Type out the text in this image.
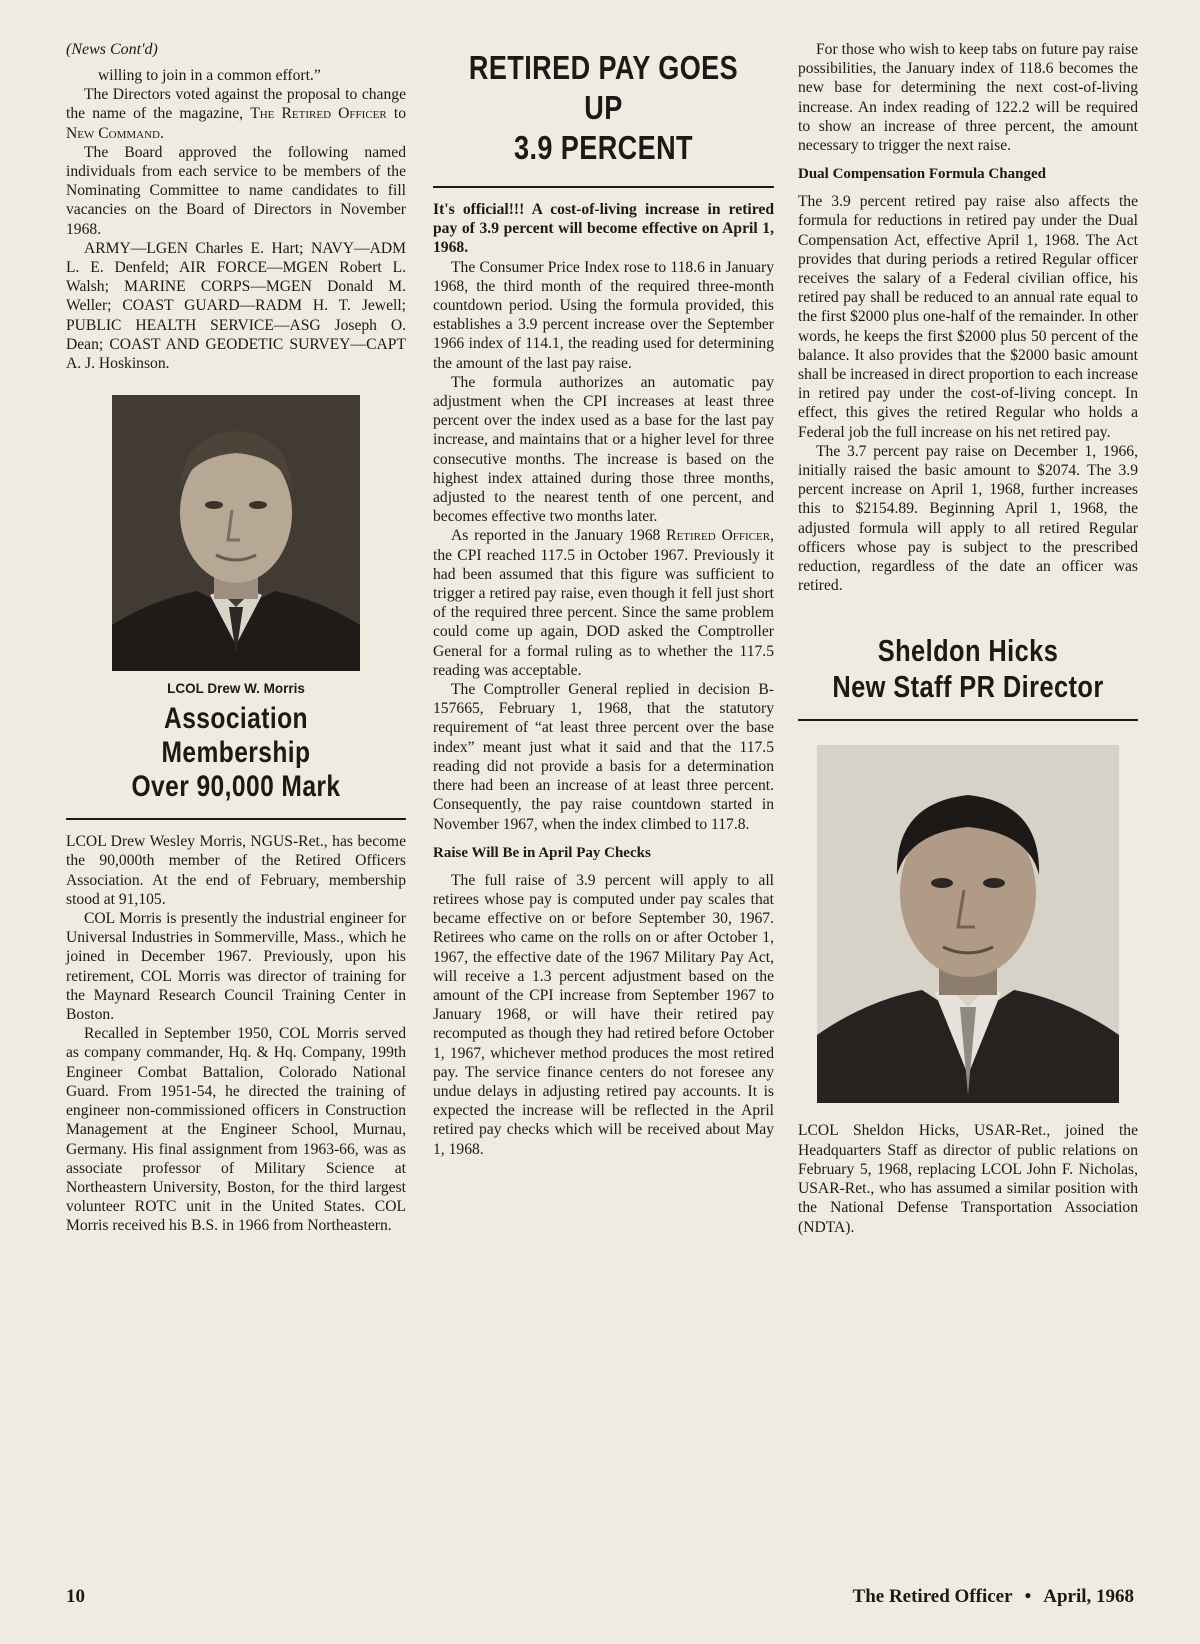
(News Cont'd)

willing to join in a common effort.”

The Directors voted against the proposal to change the name of the magazine, The Retired Officer to New Command.

The Board approved the following named individuals from each service to be members of the Nominating Committee to name candidates to fill vacancies on the Board of Directors in November 1968.

ARMY—LGEN Charles E. Hart; NAVY—ADM L. E. Denfeld; AIR FORCE—MGEN Robert L. Walsh; MARINE CORPS—MGEN Donald M. Weller; COAST GUARD—RADM H. T. Jewell; PUBLIC HEALTH SERVICE—ASG Joseph O. Dean; COAST AND GEODETIC SURVEY—CAPT A. J. Hoskinson.

LCOL Drew W. Morris
Association Membership
Over 90,000 Mark

LCOL Drew Wesley Morris, NGUS-Ret., has become the 90,000th member of the Retired Officers Association. At the end of February, membership stood at 91,105.

COL Morris is presently the industrial engineer for Universal Industries in Sommerville, Mass., which he joined in December 1967. Previously, upon his retirement, COL Morris was director of training for the Maynard Research Council Training Center in Boston.

Recalled in September 1950, COL Morris served as company commander, Hq. & Hq. Company, 199th Engineer Combat Battalion, Colorado National Guard. From 1951-54, he directed the training of engineer non-commissioned officers in Construction Management at the Engineer School, Murnau, Germany. His final assignment from 1963-66, was as associate professor of Military Science at Northeastern University, Boston, for the third largest volunteer ROTC unit in the United States. COL Morris received his B.S. in 1966 from Northeastern.

RETIRED PAY GOES UP
3.9 PERCENT
It's official!!! A cost-of-living increase in retired pay of 3.9 percent will become effective on April 1, 1968.

The Consumer Price Index rose to 118.6 in January 1968, the third month of the required three-month countdown period. Using the formula provided, this establishes a 3.9 percent increase over the September 1966 index of 114.1, the reading used for determining the amount of the last pay raise.

The formula authorizes an automatic pay adjustment when the CPI increases at least three percent over the index used as a base for the last pay increase, and maintains that or a higher level for three consecutive months. The increase is based on the highest index attained during those three months, adjusted to the nearest tenth of one percent, and becomes effective two months later.

As reported in the January 1968 Retired Officer, the CPI reached 117.5 in October 1967. Previously it had been assumed that this figure was sufficient to trigger a retired pay raise, even though it fell just short of the required three percent. Since the same problem could come up again, DOD asked the Comptroller General for a formal ruling as to whether the 117.5 reading was acceptable.

The Comptroller General replied in decision B-157665, February 1, 1968, that the statutory requirement of “at least three percent over the base index” meant just what it said and that the 117.5 reading did not provide a basis for a determination there had been an increase of at least three percent. Consequently, the pay raise countdown started in November 1967, when the index climbed to 117.8.

Raise Will Be in April Pay Checks

The full raise of 3.9 percent will apply to all retirees whose pay is computed under pay scales that became effective on or before September 30, 1967. Retirees who came on the rolls on or after October 1, 1967, the effective date of the 1967 Military Pay Act, will receive a 1.3 percent adjustment based on the amount of the CPI increase from September 1967 to January 1968, or will have their retired pay recomputed as though they had retired before October 1, 1967, whichever method produces the most retired pay. The service finance centers do not foresee any undue delays in adjusting retired pay accounts. It is expected the increase will be reflected in the April retired pay checks which will be received about May 1, 1968.

For those who wish to keep tabs on future pay raise possibilities, the January index of 118.6 becomes the new base for determining the next cost-of-living increase. An index reading of 122.2 will be required to show an increase of three percent, the amount necessary to trigger the next raise.

Dual Compensation Formula Changed

The 3.9 percent retired pay raise also affects the formula for reductions in retired pay under the Dual Compensation Act, effective April 1, 1968. The Act provides that during periods a retired Regular officer receives the salary of a Federal civilian office, his retired pay shall be reduced to an annual rate equal to the first $2000 plus one-half of the remainder. In other words, he keeps the first $2000 plus 50 percent of the balance. It also provides that the $2000 basic amount shall be increased in direct proportion to each increase in retired pay under the cost-of-living concept. In effect, this gives the retired Regular who holds a Federal job the full increase on his net retired pay.

The 3.7 percent pay raise on December 1, 1966, initially raised the basic amount to $2074. The 3.9 percent increase on April 1, 1968, further increases this to $2154.89. Beginning April 1, 1968, the adjusted formula will apply to all retired Regular officers whose pay is subject to the prescribed reduction, regardless of the date an officer was retired.

Sheldon Hicks
New Staff PR Director

LCOL Sheldon Hicks, USAR-Ret., joined the Headquarters Staff as director of public relations on February 5, 1968, replacing LCOL John F. Nicholas, USAR-Ret., who has assumed a similar position with the National Defense Transportation Association (NDTA).

10	The Retired Officer • April, 1968
